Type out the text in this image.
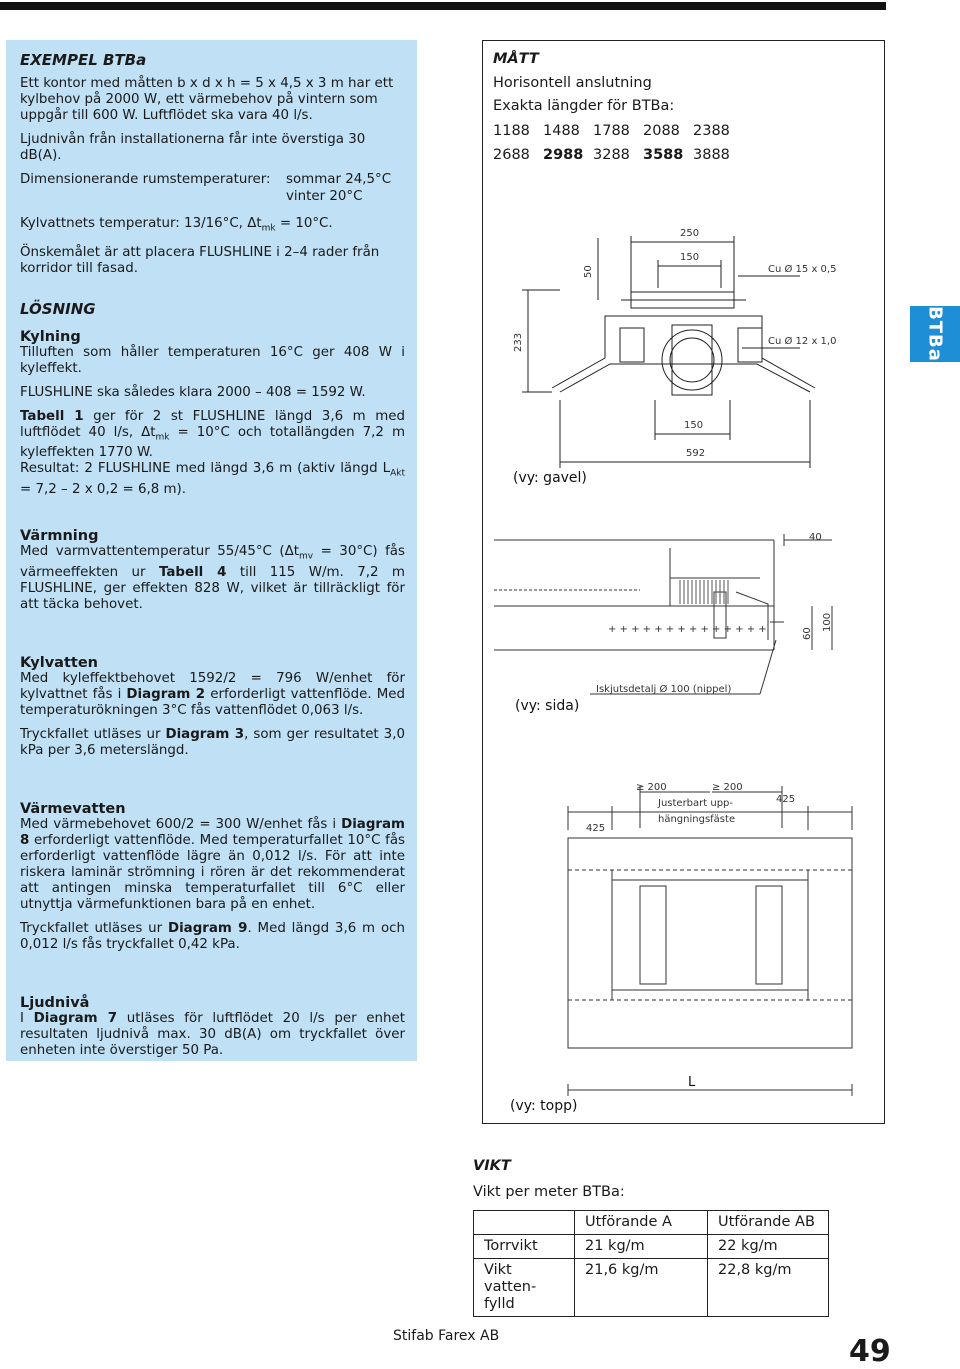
EXEMPEL BTBa

Ett kontor med måtten b x d x h = 5 x 4,5 x 3 m har ett kylbehov på 2000 W, ett värmebehov på vintern som uppgår till 600 W. Luftflödet ska vara 40 l/s.

Ljudnivån från installationerna får inte överstiga 30 dB(A).

Dimensionerande rumstemperaturer: sommar 24,5°C
vinter 20°C

Kylvattnets temperatur: 13/16°C, $\Delta t_{mk} = 10^\circ C$.

Önskemålet är att placera FLUSHLINE i 2–4 rader från korridor till fasad.

LÖSNING

Kylning

Tilluften som håller temperaturen 16°C ger 408 W i kyleffekt.

FLUSHLINE ska således klara 2000 – 408 = 1592 W.

Tabell 1 ger för 2 st FLUSHLINE längd 3,6 m med luftflödet 40 l/s, $\Delta t_{mk} = 10^\circ C$ och totallängden 7,2 m kyleffekten 1770 W.

Resultat: 2 FLUSHLINE med längd 3,6 m (aktiv längd $L_{Akt} = 7,2 - 2$ x 0,2 = 6,8 m).

Värmning

Med varmvattentemperatur 55/45°C $(\Delta t_{mv} = 30^\circ C)$ fås värmeeffekten ur Tabell 4 till 115 W/m. 7,2 m FLUSHLINE, ger effekten 828 W, vilket är tillräckligt för att täcka behovet.

Kylvatten

Med kyleffektbehovet 1592/2 = 796 W/enhet för kylvattnet fås i Diagram 2 erforderligt vattenflöde. Med temperaturökningen 3°C fås vattenflödet 0,063 l/s.

Tryckfallet utläses ur Diagram 3, som ger resultatet 3,0 kPa per 3,6 meterslängd.

Värmevatten

Med värmebehovet 600/2 = 300 W/enhet fås i Diagram 8 erforderligt vattenflöde. Med temperaturfallet 10°C fås erforderligt vattenflöde lägre än 0,012 l/s. För att inte riskera laminär strömning i rören är det rekommenderat att antingen minska temperaturfallet till 6°C eller utnyttja värmefunktionen bara på en enhet.

Tryckfallet utläses ur Diagram 9. Med längd 3,6 m och 0,012 l/s fås tryckfallet 0,42 kPa.

Ljudnivå

I Diagram 7 utläses för luftflödet 20 l/s per enhet resultaten ljudnivå max. 30 dB(A) om tryckfallet över enheten inte överstiger 50 Pa.

BTBa
MÅTT
Horisontell anslutning
Exakta längder för BTBa:
1188 1488 1788 2088 2388
2688 2988 3288 3588 3888
250
150
50	Cu Ø 15 x 0,5
Cu Ø 12 x 1,0
233
150
592
(vy: gavel)
+ + + + + + + + + + + + + +
40
60
100
Iskjutsdetalj Ø 100 (nippel)
(vy: sida)
425
≥ 200	≥ 200
425
Justerbart upp-
hängningsfäste
L
(vy: topp)
VIKT
Vikt per meter BTBa:
	Utförande A	Utförande AB
Torrvikt	21 kg/m	22 kg/m
Vikt vatten-fylld	21,6 kg/m	22,8 kg/m
Stifab Farex AB	49
